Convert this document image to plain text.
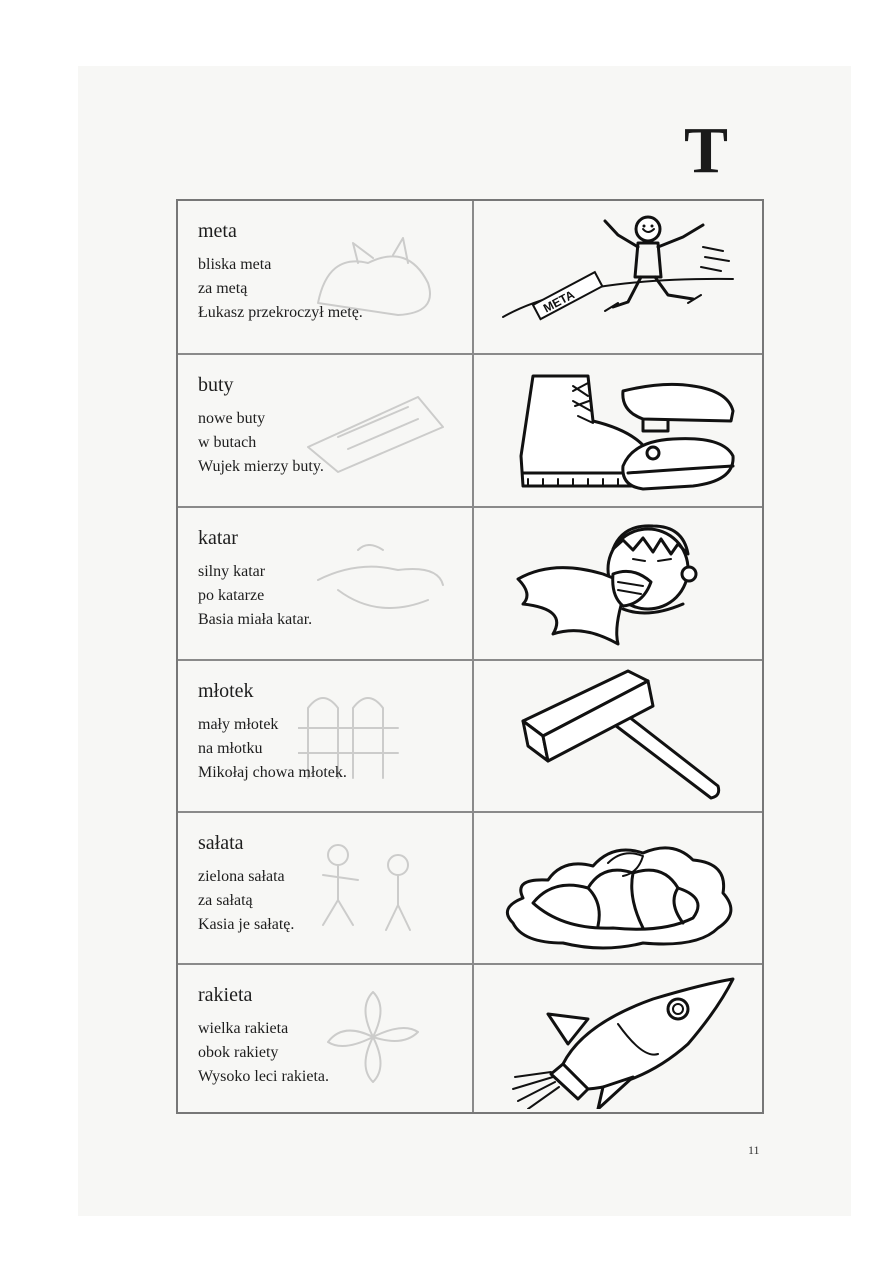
T
meta
bliska meta
za metą
Łukasz przekroczył metę.	META
buty
nowe buty
w butach
Wujek mierzy buty.
katar
silny katar
po katarze
Basia miała katar.
młotek
mały młotek
na młotku
Mikołaj chowa młotek.
sałata
zielona sałata
za sałatą
Kasia je sałatę.
rakieta
wielka rakieta
obok rakiety
Wysoko leci rakieta.
11
